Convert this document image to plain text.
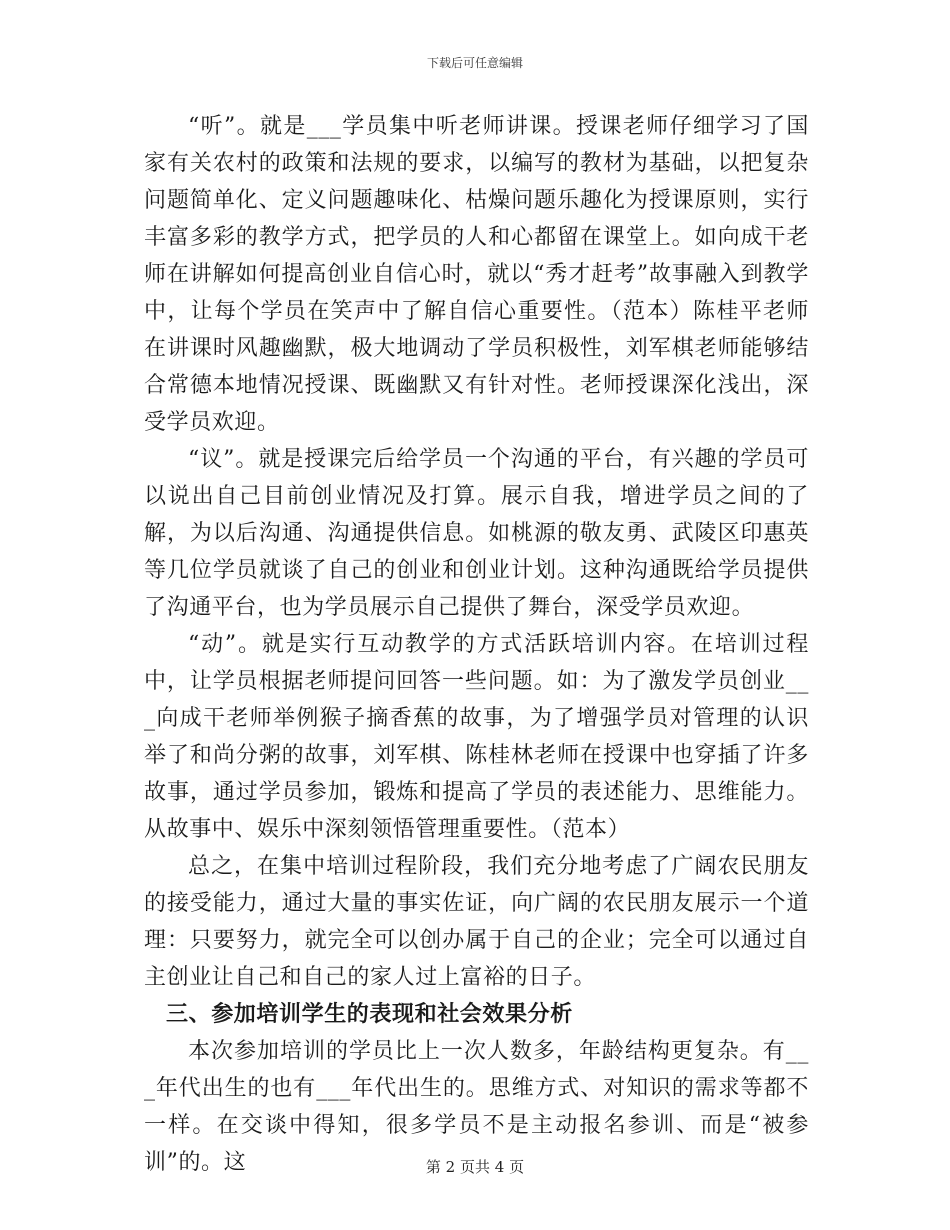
下载后可任意编辑

“听”。就是___学员集中听老师讲课。授课老师仔细学习了国家有关农村的政策和法规的要求，以编写的教材为基础，以把复杂问题简单化、定义问题趣味化、枯燥问题乐趣化为授课原则，实行丰富多彩的教学方式，把学员的人和心都留在课堂上。如向成干老师在讲解如何提高创业自信心时，就以“秀才赶考”故事融入到教学中，让每个学员在笑声中了解自信心重要性。（范本）陈桂平老师在讲课时风趣幽默，极大地调动了学员积极性，刘军棋老师能够结合常德本地情况授课、既幽默又有针对性。老师授课深化浅出，深受学员欢迎。

“议”。就是授课完后给学员一个沟通的平台，有兴趣的学员可以说出自己目前创业情况及打算。展示自我，增进学员之间的了解，为以后沟通、沟通提供信息。如桃源的敬友勇、武陵区印惠英等几位学员就谈了自己的创业和创业计划。这种沟通既给学员提供了沟通平台，也为学员展示自己提供了舞台，深受学员欢迎。

“动”。就是实行互动教学的方式活跃培训内容。在培训过程中，让学员根据老师提问回答一些问题。如：为了激发学员创业___向成干老师举例猴子摘香蕉的故事，为了增强学员对管理的认识举了和尚分粥的故事，刘军棋、陈桂林老师在授课中也穿插了许多故事，通过学员参加，锻炼和提高了学员的表述能力、思维能力。从故事中、娱乐中深刻领悟管理重要性。（范本）

总之，在集中培训过程阶段，我们充分地考虑了广阔农民朋友的接受能力，通过大量的事实佐证，向广阔的农民朋友展示一个道理：只要努力，就完全可以创办属于自己的企业；完全可以通过自主创业让自己和自己的家人过上富裕的日子。

三、参加培训学生的表现和社会效果分析

本次参加培训的学员比上一次人数多，年龄结构更复杂。有___年代出生的也有___年代出生的。思维方式、对知识的需求等都不一样。在交谈中得知，很多学员不是主动报名参训、而是“被参训”的。这	第 2 页共 4 页
